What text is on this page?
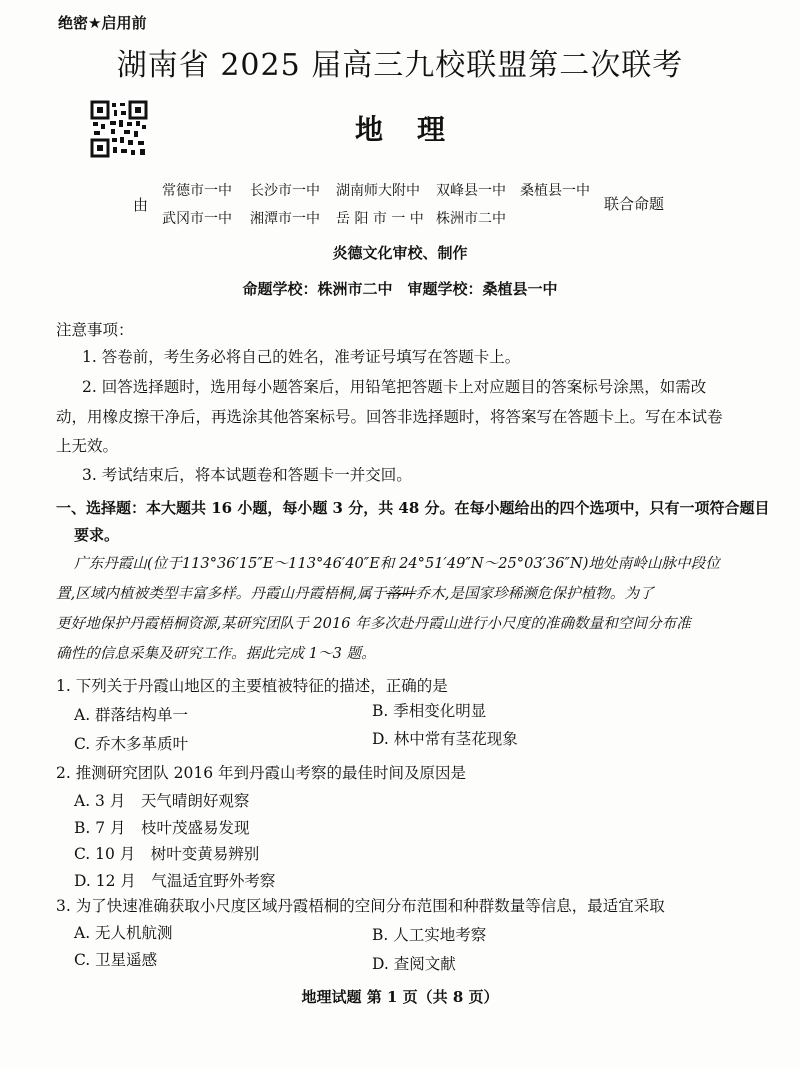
绝密★启用前
湖南省 2025 届高三九校联盟第二次联考
地理
由
常德市一中 长沙市一中 湖南师大附中 双峰县一中 桑植县一中
武冈市一中 湘潭市一中 岳 阳 市 一 中 株洲市二中
联合命题
炎德文化审校、制作
命题学校：株洲市二中　审题学校：桑植县一中
注意事项：
1. 答卷前，考生务必将自己的姓名，准考证号填写在答题卡上。
2. 回答选择题时，选用每小题答案后，用铅笔把答题卡上对应题目的答案标号涂黑，如需改
动，用橡皮擦干净后，再选涂其他答案标号。回答非选择题时，将答案写在答题卡上。写在本试卷
上无效。
3. 考试结束后，将本试题卷和答题卡一并交回。
一、选择题：本大题共 16 小题，每小题 3 分，共 48 分。在每小题给出的四个选项中，只有一项符合题目
要求。
广东丹霞山(位于113°36′15″E～113°46′40″E和 24°51′49″N～25°03′36″N)地处南岭山脉中段位
置,区域内植被类型丰富多样。丹霞山丹霞梧桐,属于落叶乔木,是国家珍稀濒危保护植物。为了
更好地保护丹霞梧桐资源,某研究团队于 2016 年多次赴丹霞山进行小尺度的准确数量和空间分布准
确性的信息采集及研究工作。据此完成 1～3 题。
1. 下列关于丹霞山地区的主要植被特征的描述，正确的是
A. 群落结构单一	B. 季相变化明显
C. 乔木多革质叶	D. 林中常有茎花现象
2. 推测研究团队 2016 年到丹霞山考察的最佳时间及原因是
A. 3 月　天气晴朗好观察
B. 7 月　枝叶茂盛易发现
C. 10 月　树叶变黄易辨别
D. 12 月　气温适宜野外考察
3. 为了快速准确获取小尺度区域丹霞梧桐的空间分布范围和种群数量等信息，最适宜采取
A. 无人机航测	B. 人工实地考察
C. 卫星遥感	D. 查阅文献
地理试题 第 1 页（共 8 页）
